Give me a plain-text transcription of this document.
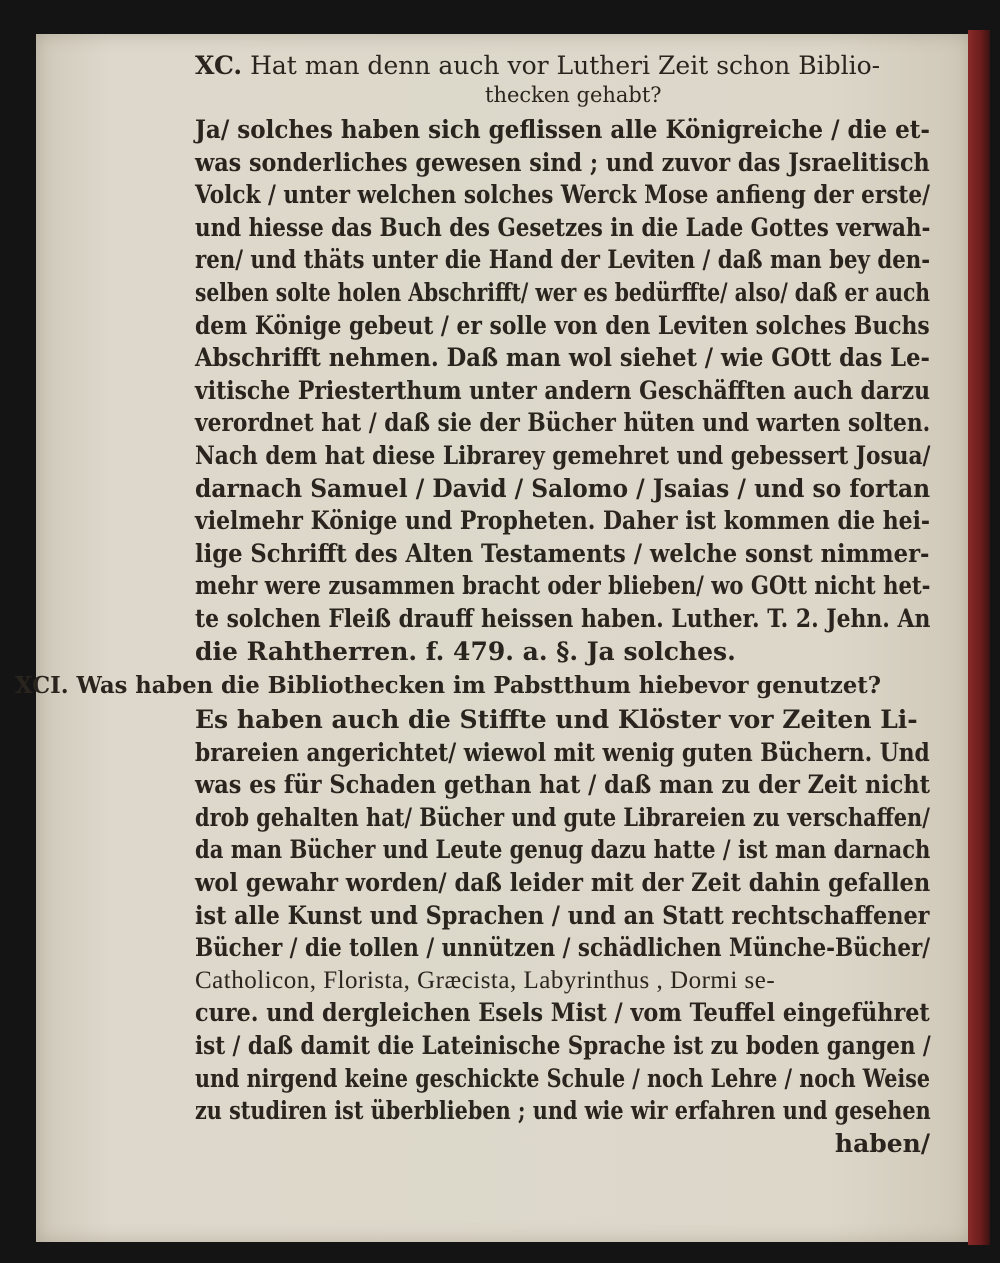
XC. Hat man denn auch vor Lutheri Zeit schon Biblio-

thecken gehabt?

Ja/ solches haben sich geflissen alle Königreiche / die et-

was sonderliches gewesen sind ; und zuvor das Jsraelitisch

Volck / unter welchen solches Werck Mose anfieng der erste/

und hiesse das Buch des Gesetzes in die Lade Gottes verwah-

ren/ und thäts unter die Hand der Leviten / daß man bey den-

selben solte holen Abschrifft/ wer es bedürffte/ also/ daß er auch

dem Könige gebeut / er solle von den Leviten solches Buchs

Abschrifft nehmen. Daß man wol siehet / wie GOtt das Le-

vitische Priesterthum unter andern Geschäfften auch darzu

verordnet hat / daß sie der Bücher hüten und warten solten.

Nach dem hat diese Librarey gemehret und gebessert Josua/

darnach Samuel / David / Salomo / Jsaias / und so fortan

vielmehr Könige und Propheten. Daher ist kommen die hei-

lige Schrifft des Alten Testaments / welche sonst nimmer-

mehr were zusammen bracht oder blieben/ wo GOtt nicht het-

te solchen Fleiß drauff heissen haben. Luther. T. 2. Jehn. An

die Rahtherren. f. 479. a. §. Ja solches.

XCI. Was haben die Bibliothecken im Pabstthum hiebevor genutzet?

Es haben auch die Stiffte und Klöster vor Zeiten Li-

brareien angerichtet/ wiewol mit wenig guten Büchern. Und

was es für Schaden gethan hat / daß man zu der Zeit nicht

drob gehalten hat/ Bücher und gute Librareien zu verschaffen/

da man Bücher und Leute genug dazu hatte / ist man darnach

wol gewahr worden/ daß leider mit der Zeit dahin gefallen

ist alle Kunst und Sprachen / und an Statt rechtschaffener

Bücher / die tollen / unnützen / schädlichen Münche-Bücher/

Catholicon, Florista, Græcista, Labyrinthus , Dormi se-

cure. und dergleichen Esels Mist / vom Teuffel eingeführet

ist / daß damit die Lateinische Sprache ist zu boden gangen /

und nirgend keine geschickte Schule / noch Lehre / noch Weise

zu studiren ist überblieben ; und wie wir erfahren und gesehen

haben/
